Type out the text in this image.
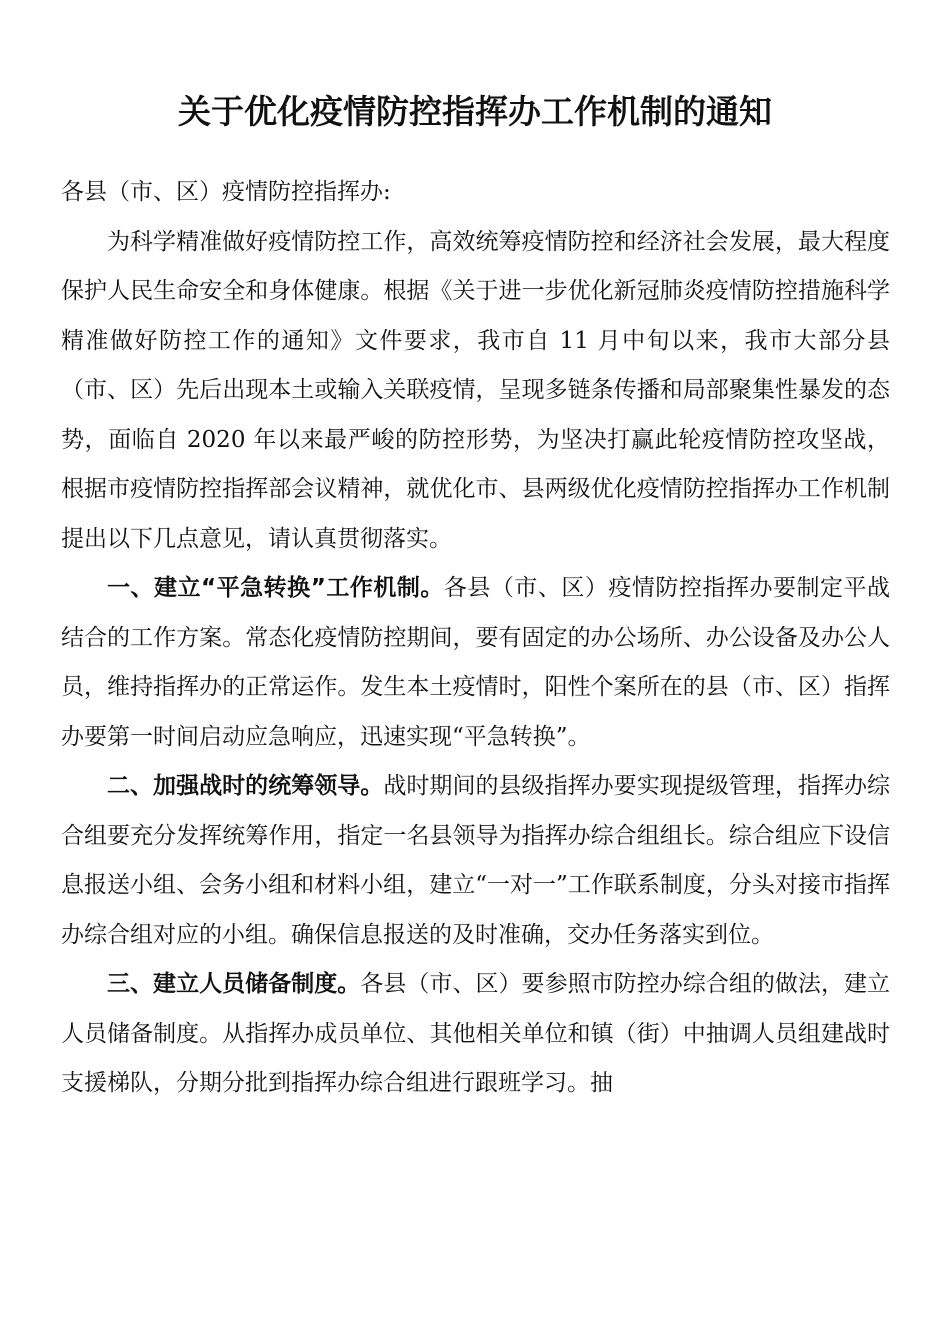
关于优化疫情防控指挥办工作机制的通知

各县（市、区）疫情防控指挥办:

为科学精准做好疫情防控工作，高效统筹疫情防控和经济社会发展，最大程度保护人民生命安全和身体健康。根据《关于进一步优化新冠肺炎疫情防控措施科学精准做好防控工作的通知》文件要求，我市自 11 月中旬以来，我市大部分县（市、区）先后出现本土或输入关联疫情，呈现多链条传播和局部聚集性暴发的态势，面临自 2020 年以来最严峻的防控形势，为坚决打赢此轮疫情防控攻坚战，根据市疫情防控指挥部会议精神，就优化市、县两级优化疫情防控指挥办工作机制提出以下几点意见，请认真贯彻落实。

一、建立“平急转换”工作机制。各县（市、区）疫情防控指挥办要制定平战结合的工作方案。常态化疫情防控期间，要有固定的办公场所、办公设备及办公人员，维持指挥办的正常运作。发生本土疫情时，阳性个案所在的县（市、区）指挥办要第一时间启动应急响应，迅速实现“平急转换”。

二、加强战时的统筹领导。战时期间的县级指挥办要实现提级管理，指挥办综合组要充分发挥统筹作用，指定一名县领导为指挥办综合组组长。综合组应下设信息报送小组、会务小组和材料小组，建立“一对一”工作联系制度，分头对接市指挥办综合组对应的小组。确保信息报送的及时准确，交办任务落实到位。

三、建立人员储备制度。各县（市、区）要参照市防控办综合组的做法，建立人员储备制度。从指挥办成员单位、其他相关单位和镇（街）中抽调人员组建战时支援梯队，分期分批到指挥办综合组进行跟班学习。抽
